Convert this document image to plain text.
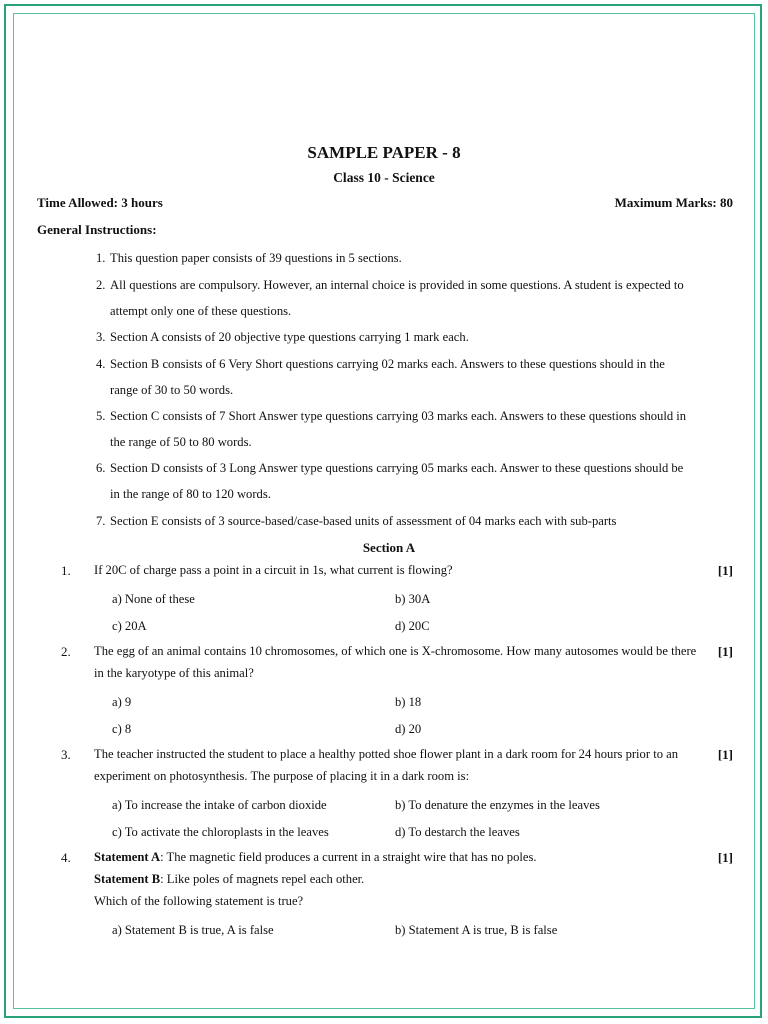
SAMPLE PAPER - 8
Class 10 - Science
Time Allowed: 3 hours	Maximum Marks: 80
General Instructions:
1. This question paper consists of 39 questions in 5 sections.
2. All questions are compulsory. However, an internal choice is provided in some questions. A student is expected to
attempt only one of these questions.
3. Section A consists of 20 objective type questions carrying 1 mark each.
4. Section B consists of 6 Very Short questions carrying 02 marks each. Answers to these questions should in the
range of 30 to 50 words.
5. Section C consists of 7 Short Answer type questions carrying 03 marks each. Answers to these questions should in
the range of 50 to 80 words.
6. Section D consists of 3 Long Answer type questions carrying 05 marks each. Answer to these questions should be
in the range of 80 to 120 words.
7. Section E consists of 3 source-based/case-based units of assessment of 04 marks each with sub-parts
Section A
1. If 20C of charge pass a point in a circuit in 1s, what current is flowing?	[1]
a) None of these	b) 30A
c) 20A	d) 20C
2. The egg of an animal contains 10 chromosomes, of which one is X-chromosome. How many autosomes would be there in the karyotype of this animal?
[1]
a) 9	b) 18
c) 8	d) 20
3. The teacher instructed the student to place a healthy potted shoe flower plant in a dark room for 24 hours prior to an experiment on photosynthesis. The purpose of placing it in a dark room is:
[1]
a) To increase the intake of carbon dioxide	b) To denature the enzymes in the leaves
c) To activate the chloroplasts in the leaves	d) To destarch the leaves
4. Statement A: The magnetic field produces a current in a straight wire that has no poles.	[1]
Statement B: Like poles of magnets repel each other.
Which of the following statement is true?
a) Statement B is true, A is false	b) Statement A is true, B is false
